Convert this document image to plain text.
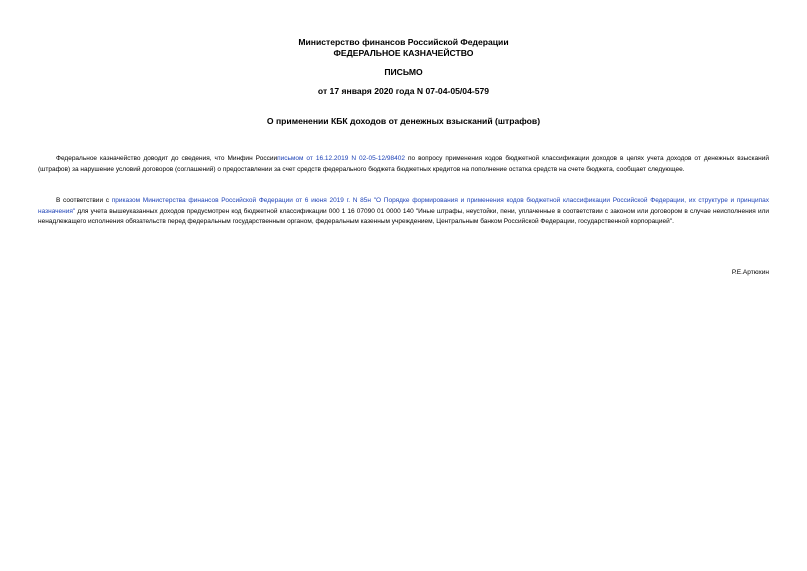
Министерство финансов Российской Федерации
ФЕДЕРАЛЬНОЕ КАЗНАЧЕЙСТВО
ПИСЬМО
от 17 января 2020 года N 07-04-05/04-579
О применении КБК доходов от денежных взысканий (штрафов)

Федеральное казначейство доводит до сведения, что Минфин Россииписьмом от 16.12.2019 N 02-05-12/98402 по вопросу применения кодов бюджетной классификации доходов в целях учета доходов от денежных взысканий (штрафов) за нарушение условий договоров (соглашений) о предоставлении за счет средств федерального бюджета бюджетных кредитов на пополнение остатка средств на счете бюджета, сообщает следующее.

В соответствии с приказом Министерства финансов Российской Федерации от 6 июня 2019 г. N 85н "О Порядке формирования и применения кодов бюджетной классификации Российской Федерации, их структуре и принципах назначения" для учета вышеуказанных доходов предусмотрен код бюджетной классификации 000 1 16 07090 01 0000 140 "Иные штрафы, неустойки, пени, уплаченные в соответствии с законом или договором в случае неисполнения или ненадлежащего исполнения обязательств перед федеральным государственным органом, федеральным казенным учреждением, Центральным банком Российской Федерации, государственной корпорацией".

Р.Е.Артюхин
